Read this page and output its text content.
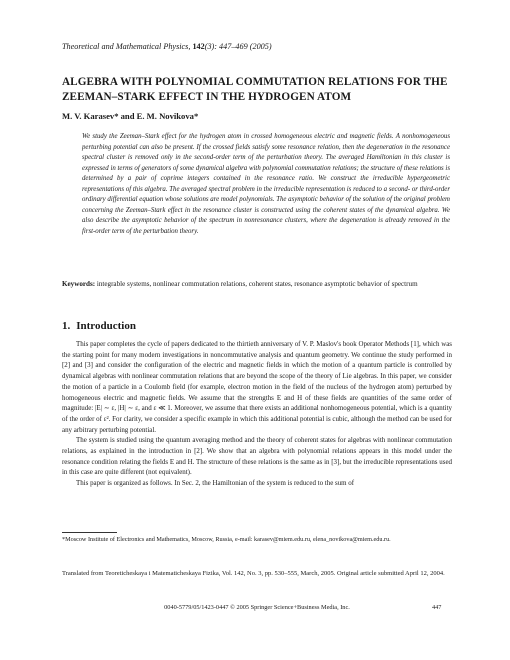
Theoretical and Mathematical Physics, 142(3): 447–469 (2005)
ALGEBRA WITH POLYNOMIAL COMMUTATION RELATIONS FOR THE ZEEMAN–STARK EFFECT IN THE HYDROGEN ATOM
M. V. Karasev* and E. M. Novikova*
We study the Zeeman–Stark effect for the hydrogen atom in crossed homogeneous electric and magnetic fields. A nonhomogeneous perturbing potential can also be present. If the crossed fields satisfy some resonance relation, then the degeneration in the resonance spectral cluster is removed only in the second-order term of the perturbation theory. The averaged Hamiltonian in this cluster is expressed in terms of generators of some dynamical algebra with polynomial commutation relations; the structure of these relations is determined by a pair of coprime integers contained in the resonance ratio. We construct the irreducible hypergeometric representations of this algebra. The averaged spectral problem in the irreducible representation is reduced to a second- or third-order ordinary differential equation whose solutions are model polynomials. The asymptotic behavior of the solution of the original problem concerning the Zeeman–Stark effect in the resonance cluster is constructed using the coherent states of the dynamical algebra. We also describe the asymptotic behavior of the spectrum in nonresonance clusters, where the degeneration is already removed in the first-order term of the perturbation theory.
Keywords: integrable systems, nonlinear commutation relations, coherent states, resonance asymptotic behavior of spectrum
1. Introduction

This paper completes the cycle of papers dedicated to the thirtieth anniversary of V. P. Maslov's book Operator Methods [1], which was the starting point for many modern investigations in noncommutative analysis and quantum geometry. We continue the study performed in [2] and [3] and consider the configuration of the electric and magnetic fields in which the motion of a quantum particle is controlled by dynamical algebras with nonlinear commutation relations that are beyond the scope of the theory of Lie algebras. In this paper, we consider the motion of a particle in a Coulomb field (for example, electron motion in the field of the nucleus of the hydrogen atom) perturbed by homogeneous electric and magnetic fields. We assume that the strengths E and H of these fields are quantities of the same order of magnitude: |E| ∼ ε, |H| ∼ ε, and ε ≪ 1. Moreover, we assume that there exists an additional nonhomogeneous potential, which is a quantity of the order of ε². For clarity, we consider a specific example in which this additional potential is cubic, although the method can be used for any arbitrary perturbing potential.

The system is studied using the quantum averaging method and the theory of coherent states for algebras with nonlinear commutation relations, as explained in the introduction in [2]. We show that an algebra with polynomial relations appears in this model under the resonance condition relating the fields E and H. The structure of these relations is the same as in [3], but the irreducible representations used in this case are quite different (not equivalent).

This paper is organized as follows. In Sec. 2, the Hamiltonian of the system is reduced to the sum of

*Moscow Institute of Electronics and Mathematics, Moscow, Russia, e-mail: karasev@miem.edu.ru, elena_novikova@miem.edu.ru.
Translated from Teoreticheskaya i Matematicheskaya Fizika, Vol. 142, No. 3, pp. 530–555, March, 2005. Original article submitted April 12, 2004.
0040-5779/05/1423-0447 © 2005 Springer Science+Business Media, Inc.	447
